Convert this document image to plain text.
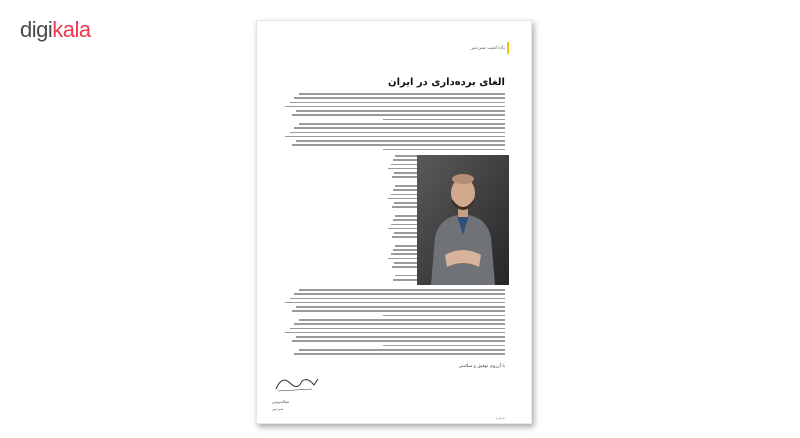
digikala
یادداشت سردبیر
الغای برده‌داری در ایران
با آرزوی توفیق و سلامتی
مقاله‌نویس
سردبیر
شماره
